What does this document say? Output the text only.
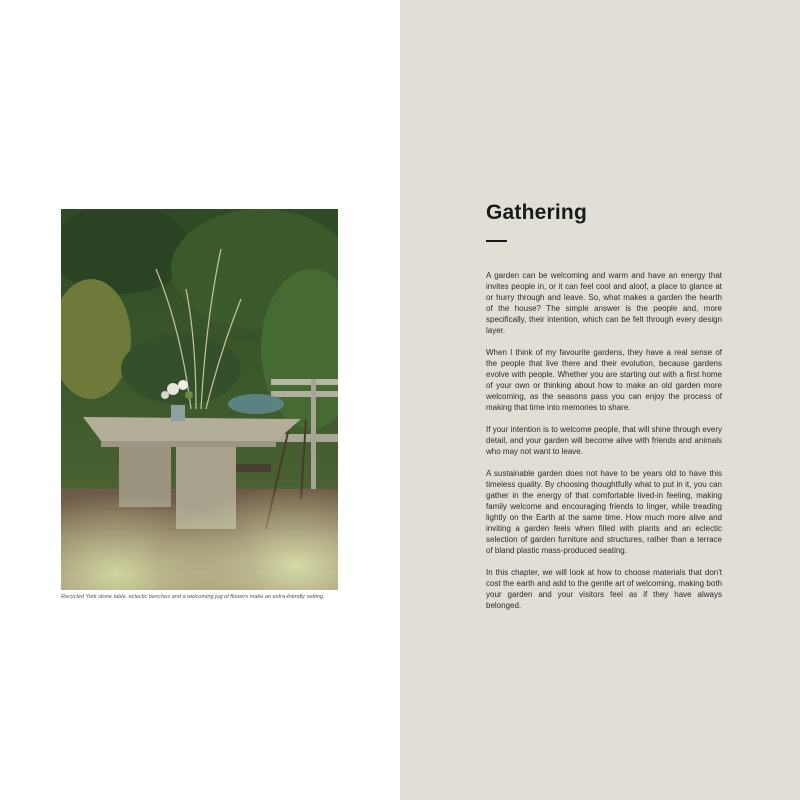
Recycled York stone table, eclectic benches and a welcoming jug of flowers make an extra-friendly setting.
Gathering

A garden can be welcoming and warm and have an energy that invites people in, or it can feel cool and aloof, a place to glance at or hurry through and leave. So, what makes a garden the hearth of the house? The simple answer is the people and, more specifically, their intention, which can be felt through every design layer.

When I think of my favourite gardens, they have a real sense of the people that live there and their evolution, because gardens evolve with people. Whether you are starting out with a first home of your own or thinking about how to make an old garden more welcoming, as the seasons pass you can enjoy the process of making that time into memories to share.

If your intention is to welcome people, that will shine through every detail, and your garden will become alive with friends and animals who may not want to leave.

A sustainable garden does not have to be years old to have this timeless quality. By choosing thoughtfully what to put in it, you can gather in the energy of that comfortable lived-in feeling, making family welcome and encouraging friends to linger, while treading lightly on the Earth at the same time. How much more alive and inviting a garden feels when filled with plants and an eclectic selection of garden furniture and structures, rather than a terrace of bland plastic mass-produced seating.

In this chapter, we will look at how to choose materials that don't cost the earth and add to the gentle art of welcoming, making both your garden and your visitors feel as if they have always belonged.
